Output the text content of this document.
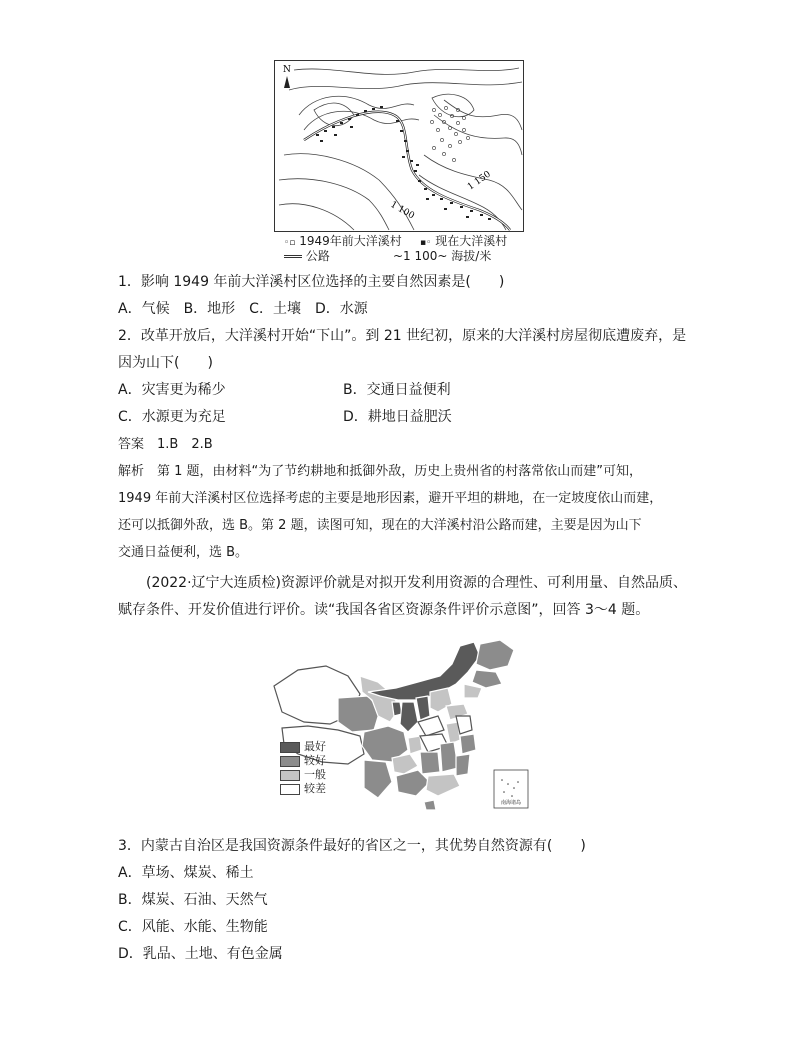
N
1 150
1 100
◦▫ 1949年前大洋溪村 ▪◦ 现在大洋溪村
公路	~1 100~ 海拔/米
1．影响 1949 年前大洋溪村区位选择的主要自然因素是(　　)
A．气候　B．地形　C．土壤　D．水源
2．改革开放后，大洋溪村开始“下山”。到 21 世纪初，原来的大洋溪村房屋彻底遭废弃，是
因为山下(　　)
A．灾害更为稀少	B．交通日益便利
C．水源更为充足	D．耕地日益肥沃
答案　1.B　2.B
解析　第 1 题，由材料“为了节约耕地和抵御外敌，历史上贵州省的村落常依山而建”可知，
1949 年前大洋溪村区位选择考虑的主要是地形因素，避开平坦的耕地，在一定坡度依山而建，
还可以抵御外敌，选 B。第 2 题，读图可知，现在的大洋溪村沿公路而建，主要是因为山下
交通日益便利，选 B。
(2022·辽宁大连质检)资源评价就是对拟开发利用资源的合理性、可利用量、自然品质、
赋存条件、开发价值进行评价。读“我国各省区资源条件评价示意图”，回答 3～4 题。
南海诸岛
最好
较好
一般
较差
3．内蒙古自治区是我国资源条件最好的省区之一，其优势自然资源有(　　)
A．草场、煤炭、稀土
B．煤炭、石油、天然气
C．风能、水能、生物能
D．乳品、土地、有色金属
